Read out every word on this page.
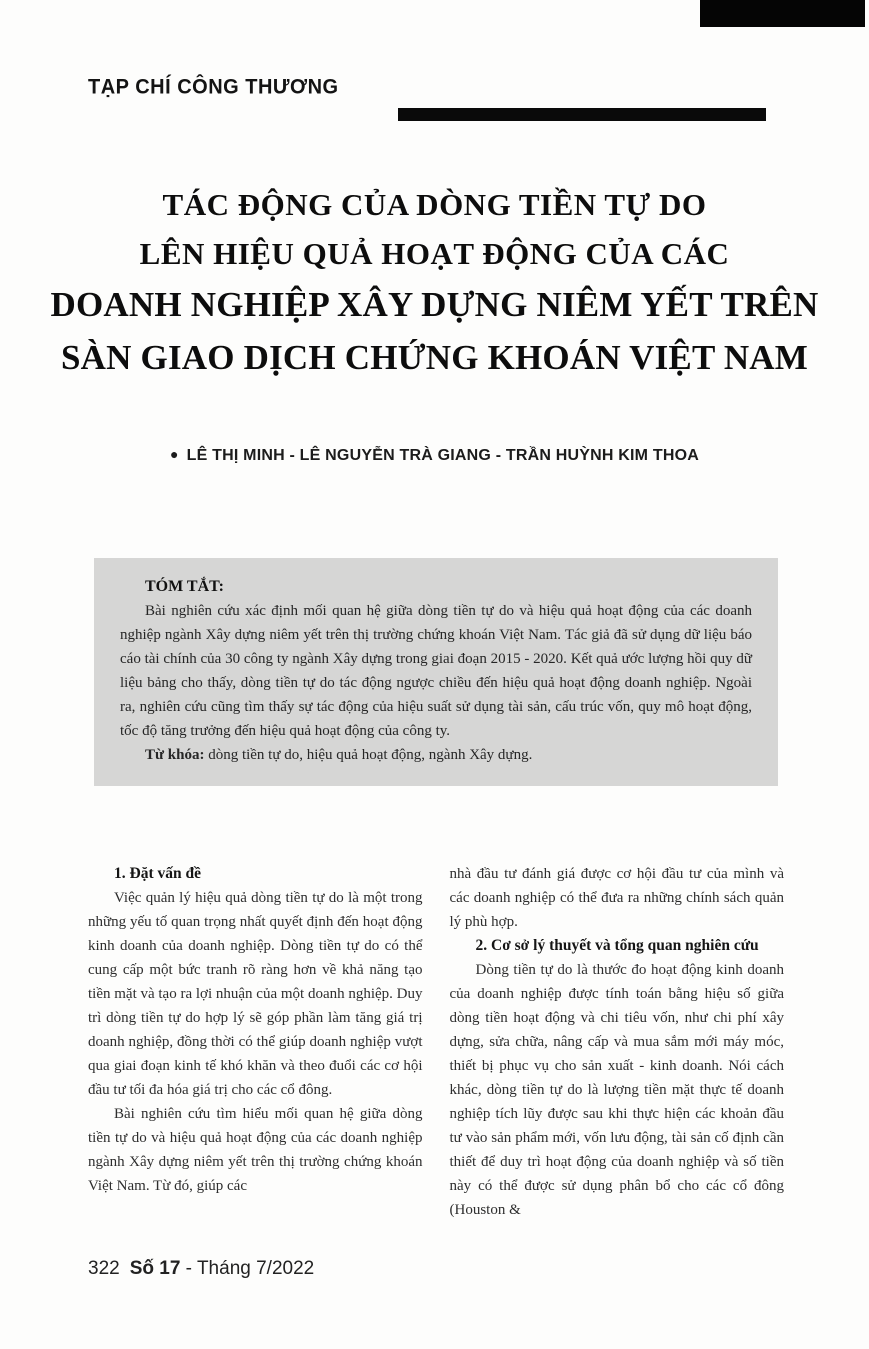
TẠP CHÍ CÔNG THƯƠNG
TÁC ĐỘNG CỦA DÒNG TIỀN TỰ DO
LÊN HIỆU QUẢ HOẠT ĐỘNG CỦA CÁC
DOANH NGHIỆP XÂY DỰNG NIÊM YẾT TRÊN
SÀN GIAO DỊCH CHỨNG KHOÁN VIỆT NAM
● LÊ THỊ MINH - LÊ NGUYỄN TRÀ GIANG - TRẦN HUỲNH KIM THOA
TÓM TẮT:

Bài nghiên cứu xác định mối quan hệ giữa dòng tiền tự do và hiệu quả hoạt động của các doanh nghiệp ngành Xây dựng niêm yết trên thị trường chứng khoán Việt Nam. Tác giả đã sử dụng dữ liệu báo cáo tài chính của 30 công ty ngành Xây dựng trong giai đoạn 2015 - 2020. Kết quả ước lượng hồi quy dữ liệu bảng cho thấy, dòng tiền tự do tác động ngược chiều đến hiệu quả hoạt động doanh nghiệp. Ngoài ra, nghiên cứu cũng tìm thấy sự tác động của hiệu suất sử dụng tài sản, cấu trúc vốn, quy mô hoạt động, tốc độ tăng trưởng đến hiệu quả hoạt động của công ty.

Từ khóa: dòng tiền tự do, hiệu quả hoạt động, ngành Xây dựng.

1. Đặt vấn đề

Việc quản lý hiệu quả dòng tiền tự do là một trong những yếu tố quan trọng nhất quyết định đến hoạt động kinh doanh của doanh nghiệp. Dòng tiền tự do có thể cung cấp một bức tranh rõ ràng hơn về khả năng tạo tiền mặt và tạo ra lợi nhuận của một doanh nghiệp. Duy trì dòng tiền tự do hợp lý sẽ góp phần làm tăng giá trị doanh nghiệp, đồng thời có thể giúp doanh nghiệp vượt qua giai đoạn kinh tế khó khăn và theo đuổi các cơ hội đầu tư tối đa hóa giá trị cho các cổ đông.

Bài nghiên cứu tìm hiểu mối quan hệ giữa dòng tiền tự do và hiệu quả hoạt động của các doanh nghiệp ngành Xây dựng niêm yết trên thị trường chứng khoán Việt Nam. Từ đó, giúp các

nhà đầu tư đánh giá được cơ hội đầu tư của mình và các doanh nghiệp có thể đưa ra những chính sách quản lý phù hợp.

2. Cơ sở lý thuyết và tổng quan nghiên cứu

Dòng tiền tự do là thước đo hoạt động kinh doanh của doanh nghiệp được tính toán bằng hiệu số giữa dòng tiền hoạt động và chi tiêu vốn, như chi phí xây dựng, sửa chữa, nâng cấp và mua sắm mới máy móc, thiết bị phục vụ cho sản xuất - kinh doanh. Nói cách khác, dòng tiền tự do là lượng tiền mặt thực tế doanh nghiệp tích lũy được sau khi thực hiện các khoản đầu tư vào sản phẩm mới, vốn lưu động, tài sản cố định cần thiết để duy trì hoạt động của doanh nghiệp và số tiền này có thể được sử dụng phân bổ cho các cổ đông (Houston &

322 Số 17 - Tháng 7/2022
